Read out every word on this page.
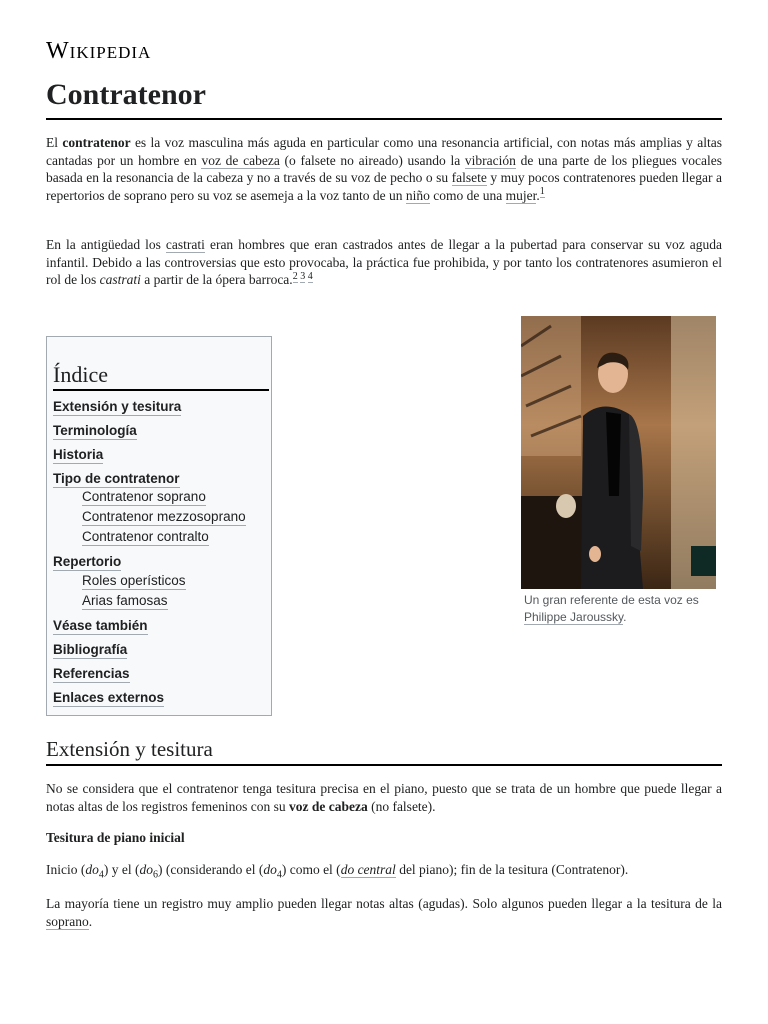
Wikipedia
Contratenor

El contratenor es la voz masculina más aguda en particular como una resonancia artificial, con notas más amplias y altas cantadas por un hombre en voz de cabeza (o falsete no aireado) usando la vibración de una parte de los pliegues vocales basada en la resonancia de la cabeza y no a través de su voz de pecho o su falsete y muy pocos contratenores pueden llegar a repertorios de soprano pero su voz se asemeja a la voz tanto de un niño como de una mujer.$^1$

En la antigüedad los castrati eran hombres que eran castrados antes de llegar a la pubertad para conservar su voz aguda infantil. Debido a las controversias que esto provocaba, la práctica fue prohibida, y por tanto los contratenores asumieron el rol de los castrati a partir de la ópera barroca.$^{2 3 4}$

Índice
Extensión y tesitura
Terminología
Historia
Tipo de contratenor
Contratenor soprano
Contratenor mezzosoprano
Contratenor contralto
Repertorio
Roles operísticos
Arias famosas
Véase también
Bibliografía
Referencias
Enlaces externos
Un gran referente de esta voz es Philippe Jaroussky.
Extensión y tesitura

No se considera que el contratenor tenga tesitura precisa en el piano, puesto que se trata de un hombre que puede llegar a notas altas de los registros femeninos con su voz de cabeza (no falsete).

Tesitura de piano inicial

Inicio $(do_4)$ y el $(do_6)$ (considerando el $(do_4)$ como el (do central del piano); fin de la tesitura (Contratenor).

La mayoría tiene un registro muy amplio pueden llegar notas altas (agudas). Solo algunos pueden llegar a la tesitura de la soprano.
